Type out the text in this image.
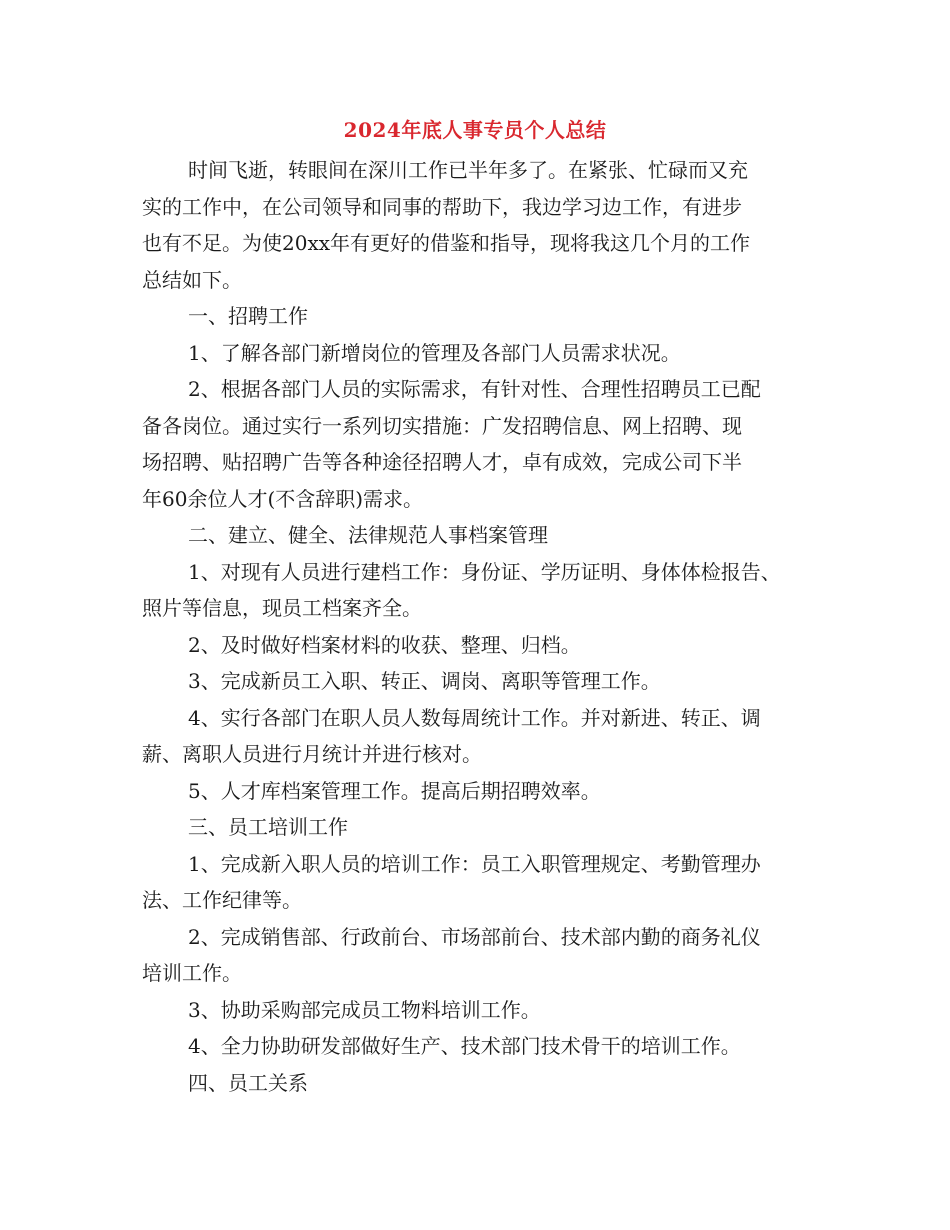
2024年底人事专员个人总结
时间飞逝，转眼间在深川工作已半年多了。在紧张、忙碌而又充
实的工作中，在公司领导和同事的帮助下，我边学习边工作，有进步
也有不足。为使20xx年有更好的借鉴和指导，现将我这几个月的工作
总结如下。
一、招聘工作
1、了解各部门新增岗位的管理及各部门人员需求状况。
2、根据各部门人员的实际需求，有针对性、合理性招聘员工已配
备各岗位。通过实行一系列切实措施：广发招聘信息、网上招聘、现
场招聘、贴招聘广告等各种途径招聘人才，卓有成效，完成公司下半
年60余位人才(不含辞职)需求。
二、建立、健全、法律规范人事档案管理
1、对现有人员进行建档工作：身份证、学历证明、身体体检报告、
照片等信息，现员工档案齐全。
2、及时做好档案材料的收获、整理、归档。
3、完成新员工入职、转正、调岗、离职等管理工作。
4、实行各部门在职人员人数每周统计工作。并对新进、转正、调
薪、离职人员进行月统计并进行核对。
5、人才库档案管理工作。提高后期招聘效率。
三、员工培训工作
1、完成新入职人员的培训工作：员工入职管理规定、考勤管理办
法、工作纪律等。
2、完成销售部、行政前台、市场部前台、技术部内勤的商务礼仪
培训工作。
3、协助采购部完成员工物料培训工作。
4、全力协助研发部做好生产、技术部门技术骨干的培训工作。
四、员工关系
